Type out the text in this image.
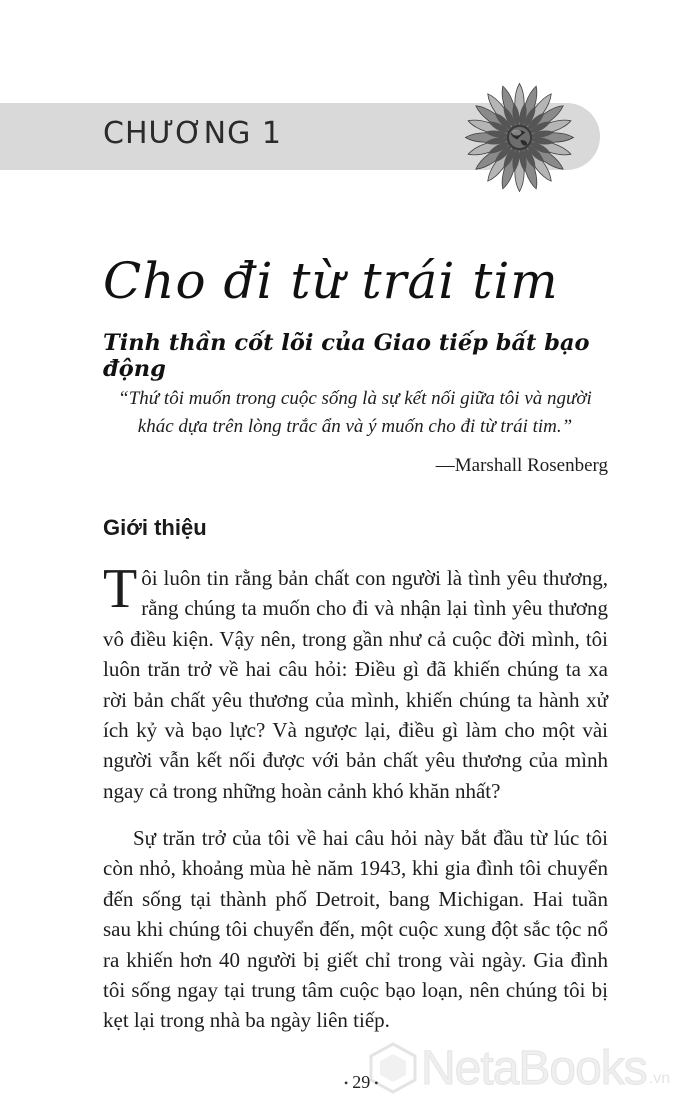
CHƯƠNG 1
Cho đi từ trái tim
Tinh thần cốt lõi của Giao tiếp bất bạo động

“Thứ tôi muốn trong cuộc sống là sự kết nối giữa tôi và người khác dựa trên lòng trắc ẩn và ý muốn cho đi từ trái tim.”

—Marshall Rosenberg

Giới thiệu

Tôi luôn tin rằng bản chất con người là tình yêu thương, rằng chúng ta muốn cho đi và nhận lại tình yêu thương vô điều kiện. Vậy nên, trong gần như cả cuộc đời mình, tôi luôn trăn trở về hai câu hỏi: Điều gì đã khiến chúng ta xa rời bản chất yêu thương của mình, khiến chúng ta hành xử ích kỷ và bạo lực? Và ngược lại, điều gì làm cho một vài người vẫn kết nối được với bản chất yêu thương của mình ngay cả trong những hoàn cảnh khó khăn nhất?

Sự trăn trở của tôi về hai câu hỏi này bắt đầu từ lúc tôi còn nhỏ, khoảng mùa hè năm 1943, khi gia đình tôi chuyển đến sống tại thành phố Detroit, bang Michigan. Hai tuần sau khi chúng tôi chuyển đến, một cuộc xung đột sắc tộc nổ ra khiến hơn 40 người bị giết chỉ trong vài ngày. Gia đình tôi sống ngay tại trung tâm cuộc bạo loạn, nên chúng tôi bị kẹt lại trong nhà ba ngày liên tiếp.

NetaBooks .vn
• 29 •
